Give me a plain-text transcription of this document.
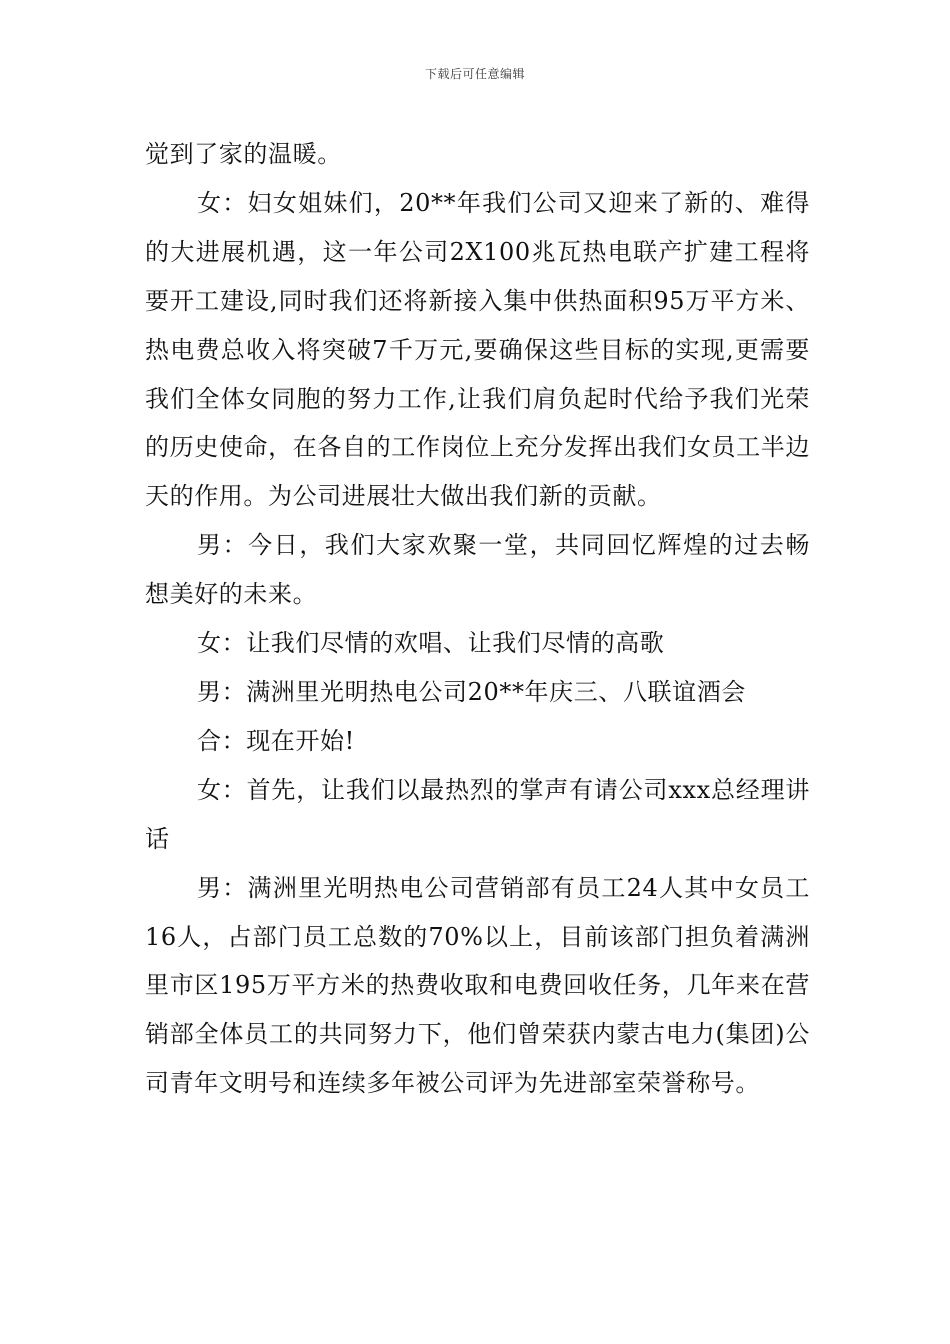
下载后可任意编辑

觉到了家的温暖。

女：妇女姐妹们，20**年我们公司又迎来了新的、难得的大进展机遇，这一年公司2X100兆瓦热电联产扩建工程将要开工建设,同时我们还将新接入集中供热面积95万平方米、热电费总收入将突破7千万元,要确保这些目标的实现,更需要我们全体女同胞的努力工作,让我们肩负起时代给予我们光荣的历史使命，在各自的工作岗位上充分发挥出我们女员工半边天的作用。为公司进展壮大做出我们新的贡献。

男：今日，我们大家欢聚一堂，共同回忆辉煌的过去畅想美好的未来。

女：让我们尽情的欢唱、让我们尽情的高歌

男：满洲里光明热电公司20**年庆三、八联谊酒会

合：现在开始!

女：首先，让我们以最热烈的掌声有请公司xxx总经理讲话

男：满洲里光明热电公司营销部有员工24人其中女员工16人，占部门员工总数的70%以上，目前该部门担负着满洲里市区195万平方米的热费收取和电费回收任务，几年来在营销部全体员工的共同努力下，他们曾荣获内蒙古电力(集团)公司青年文明号和连续多年被公司评为先进部室荣誉称号。
